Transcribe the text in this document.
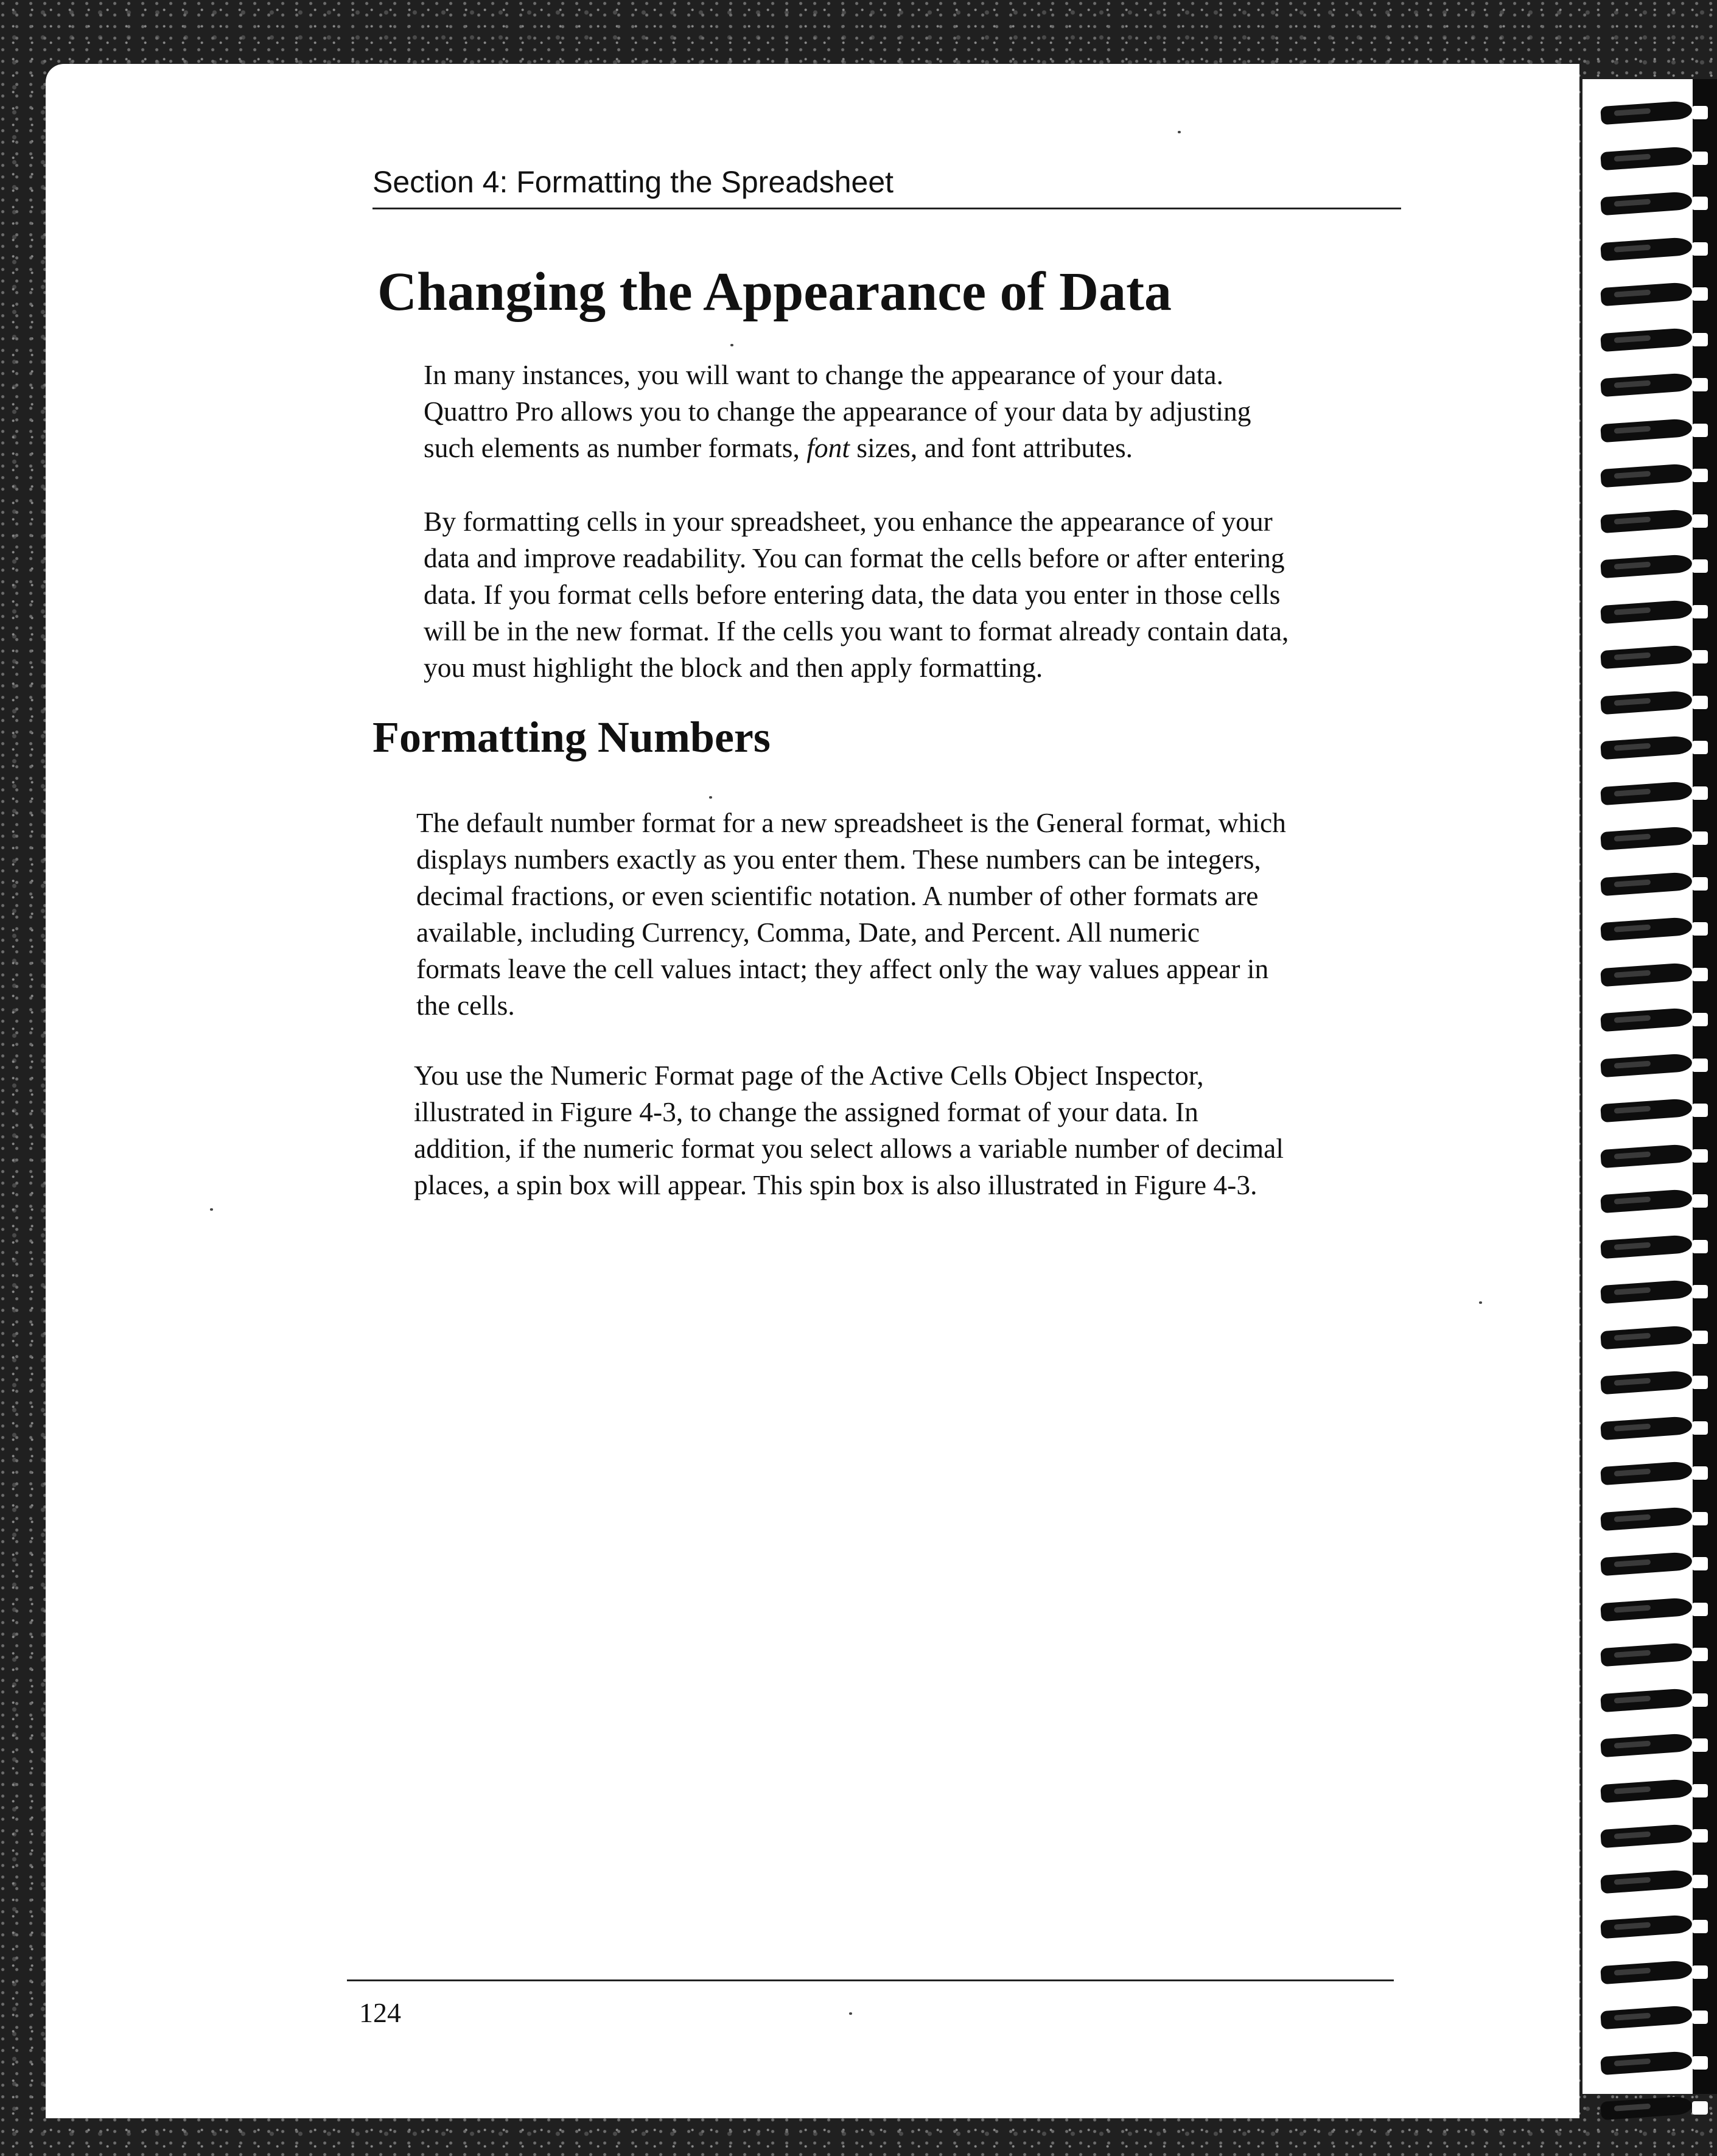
Section 4: Formatting the Spreadsheet
Changing the Appearance of Data

In many instances, you will want to change the appearance of your data.
Quattro Pro allows you to change the appearance of your data by adjusting
such elements as number formats, font sizes, and font attributes.

By formatting cells in your spreadsheet, you enhance the appearance of your
data and improve readability. You can format the cells before or after entering
data. If you format cells before entering data, the data you enter in those cells
will be in the new format. If the cells you want to format already contain data,
you must highlight the block and then apply formatting.

Formatting Numbers

The default number format for a new spreadsheet is the General format, which
displays numbers exactly as you enter them. These numbers can be integers,
decimal fractions, or even scientific notation. A number of other formats are
available, including Currency, Comma, Date, and Percent. All numeric
formats leave the cell values intact; they affect only the way values appear in
the cells.

You use the Numeric Format page of the Active Cells Object Inspector,
illustrated in Figure 4-3, to change the assigned format of your data. In
addition, if the numeric format you select allows a variable number of decimal
places, a spin box will appear. This spin box is also illustrated in Figure 4-3.

124
